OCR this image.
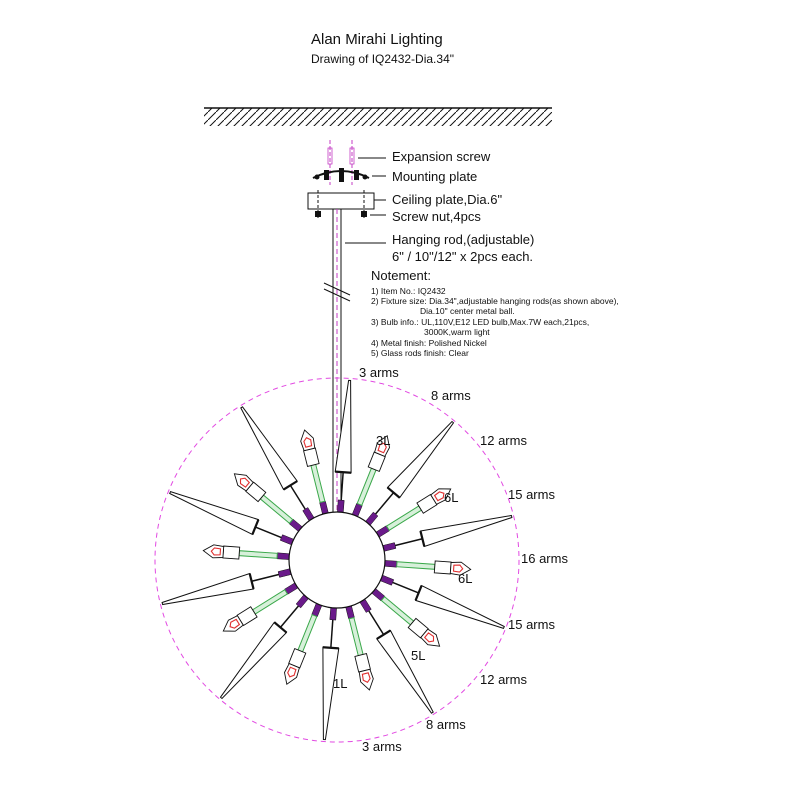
Alan Mirahi Lighting
Drawing of IQ2432-Dia.34"
Expansion screw
Mounting plate
Ceiling plate,Dia.6"
Screw nut,4pcs
Hanging rod,(adjustable)
6" / 10"/12" x 2pcs each.
Notement:
1) Item No.: IQ2432
2) Fixture size: Dia.34",adjustable hanging rods(as shown above),
Dia.10" center metal ball.
3) Bulb info.: UL,110V,E12 LED bulb,Max.7W each,21pcs,
3000K,warm light
4) Metal finish: Polished Nickel
5) Glass rods finish: Clear
3 arms
8 arms
12 arms
15 arms
16 arms
15 arms
12 arms
8 arms
3 arms
3L
6L
6L
5L
1L
